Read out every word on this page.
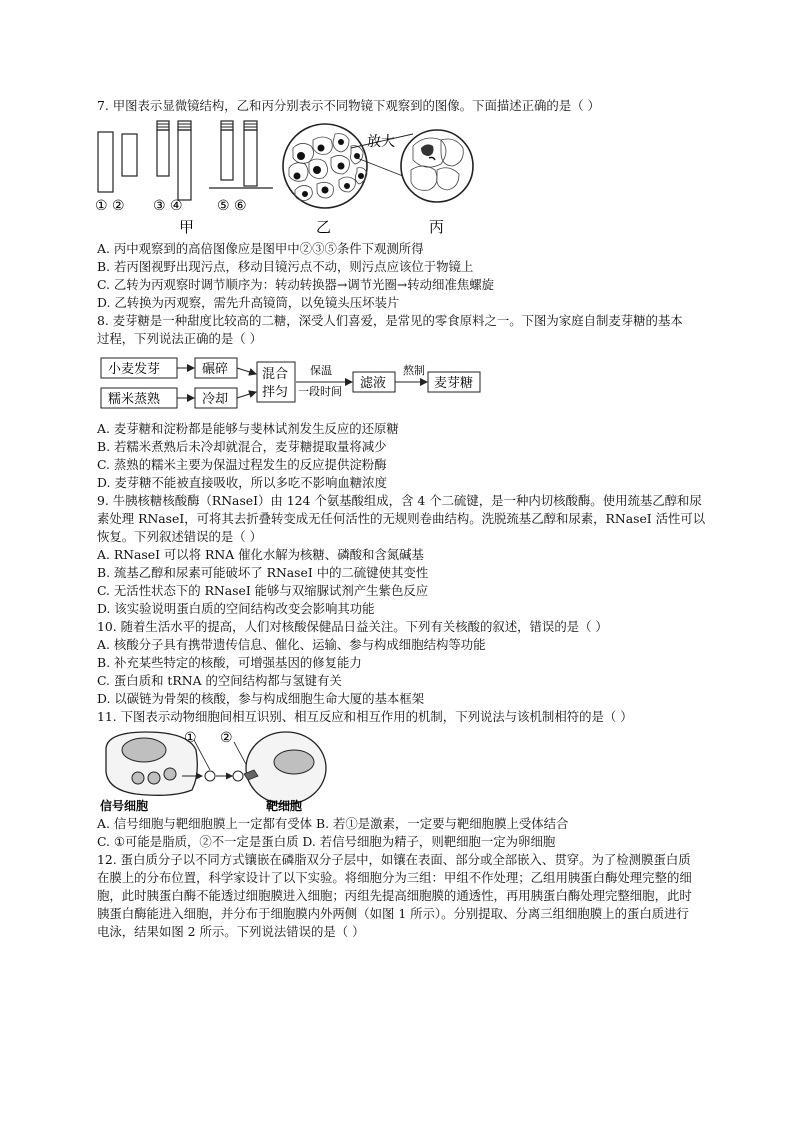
7. 甲图表示显微镜结构，乙和丙分别表示不同物镜下观察到的图像。下面描述正确的是（ ）
① ② ③ ④ ⑤ ⑥
甲	乙
放大
丙
A. 丙中观察到的高倍图像应是图甲中②③⑤条件下观测所得
B. 若丙图视野出现污点，移动目镜污点不动，则污点应该位于物镜上
C. 乙转为丙观察时调节顺序为：转动转换器→调节光圈→转动细准焦螺旋
D. 乙转换为丙观察，需先升高镜筒，以免镜头压坏装片
8. 麦芽糖是一种甜度比较高的二糖，深受人们喜爱，是常见的零食原料之一。下图为家庭自制麦芽糖的基本
过程，下列说法正确的是（ ）
小麦发芽	碾碎
糯米蒸熟	冷却
混合
拌匀
保温
一段时间
滤液
熬制
麦芽糖
A. 麦芽糖和淀粉都是能够与斐林试剂发生反应的还原糖
B. 若糯米煮熟后未冷却就混合，麦芽糖提取量将减少
C. 蒸熟的糯米主要为保温过程发生的反应提供淀粉酶
D. 麦芽糖不能被直接吸收，所以多吃不影响血糖浓度
9. 牛胰核糖核酸酶（RNaseI）由 124 个氨基酸组成，含 4 个二硫键，是一种内切核酸酶。使用巯基乙醇和尿
素处理 RNaseI，可将其去折叠转变成无任何活性的无规则卷曲结构。洗脱巯基乙醇和尿素，RNaseI 活性可以
恢复。下列叙述错误的是（ ）
A. RNaseI 可以将 RNA 催化水解为核糖、磷酸和含氮碱基
B. 巯基乙醇和尿素可能破坏了 RNaseI 中的二硫键使其变性
C. 无活性状态下的 RNaseI 能够与双缩脲试剂产生紫色反应
D. 该实验说明蛋白质的空间结构改变会影响其功能
10. 随着生活水平的提高，人们对核酸保健品日益关注。下列有关核酸的叙述，错误的是（ ）
A. 核酸分子具有携带遗传信息、催化、运输、参与构成细胞结构等功能
B. 补充某些特定的核酸，可增强基因的修复能力
C. 蛋白质和 tRNA 的空间结构都与氢键有关
D. 以碳链为骨架的核酸，参与构成细胞生命大厦的基本框架
11. 下图表示动物细胞间相互识别、相互反应和相互作用的机制，下列说法与该机制相符的是（ ）
① ②
信号细胞	靶细胞
A. 信号细胞与靶细胞膜上一定都有受体 B. 若①是激素，一定要与靶细胞膜上受体结合
C. ①可能是脂质，②不一定是蛋白质 D. 若信号细胞为精子，则靶细胞一定为卵细胞
12. 蛋白质分子以不同方式镶嵌在磷脂双分子层中，如镶在表面、部分或全部嵌入、贯穿。为了检测膜蛋白质
在膜上的分布位置，科学家设计了以下实验。将细胞分为三组：甲组不作处理；乙组用胰蛋白酶处理完整的细
胞，此时胰蛋白酶不能透过细胞膜进入细胞；丙组先提高细胞膜的通透性，再用胰蛋白酶处理完整细胞，此时
胰蛋白酶能进入细胞，并分布于细胞膜内外两侧（如图 1 所示）。分别提取、分离三组细胞膜上的蛋白质进行
电泳，结果如图 2 所示。下列说法错误的是（ ）
